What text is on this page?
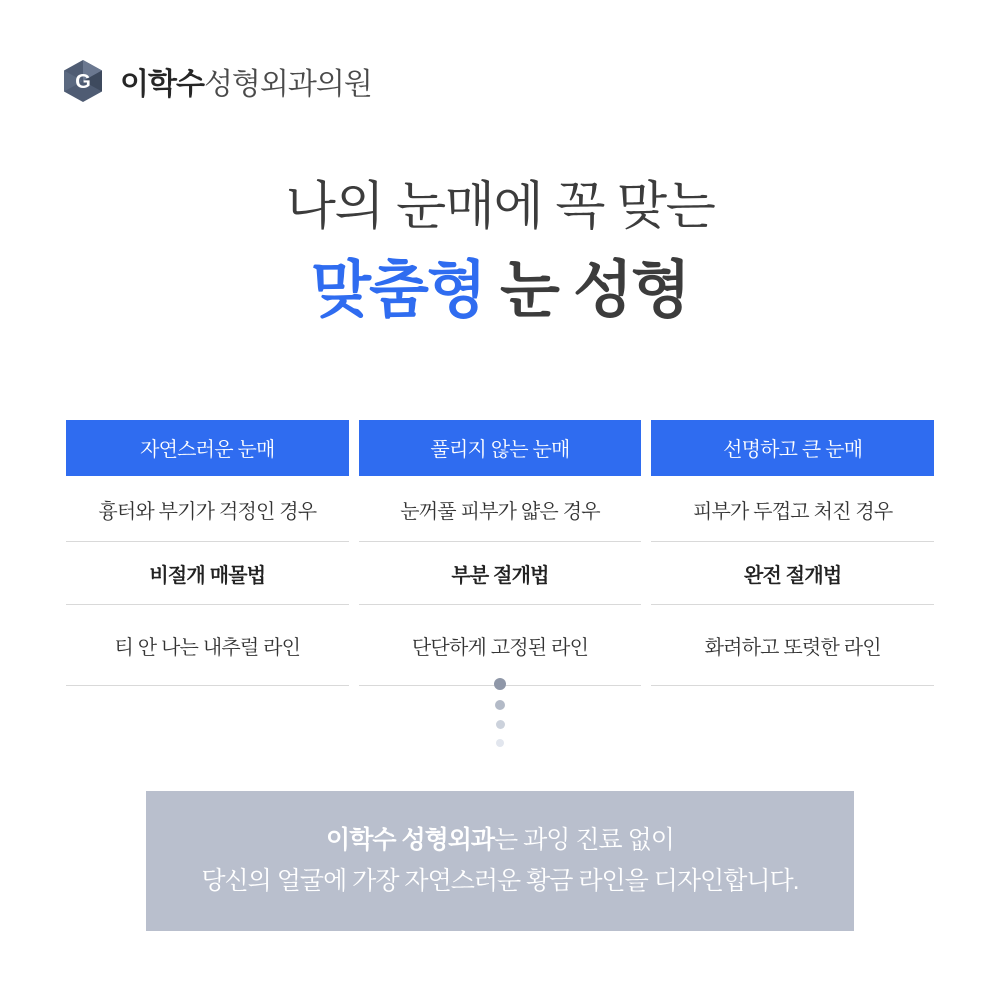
G 이학수성형외과의원
나의 눈매에 꼭 맞는
맞춤형 눈 성형
자연스러운 눈매
흉터와 부기가 걱정인 경우
비절개 매몰법
티 안 나는 내추럴 라인
풀리지 않는 눈매
눈꺼풀 피부가 얇은 경우
부분 절개법
단단하게 고정된 라인
선명하고 큰 눈매
피부가 두껍고 처진 경우
완전 절개법
화려하고 또렷한 라인
이학수 성형외과는 과잉 진료 없이
당신의 얼굴에 가장 자연스러운 황금 라인을 디자인합니다.
